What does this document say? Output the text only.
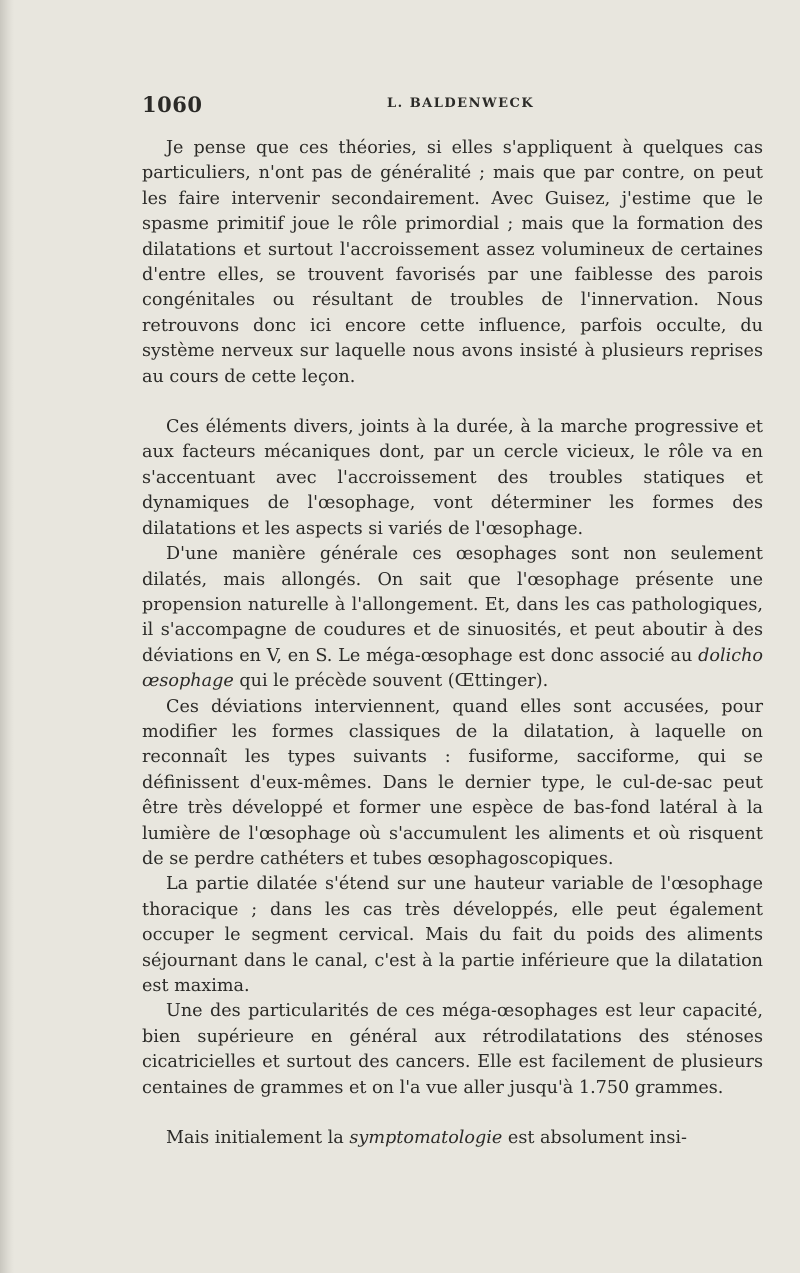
1060	L. BALDENWECK

Je pense que ces théories, si elles s'appliquent à quelques cas particuliers, n'ont pas de généralité ; mais que par contre, on peut les faire intervenir secondairement. Avec Guisez, j'estime que le spasme primitif joue le rôle primordial ; mais que la formation des dilatations et surtout l'accroissement assez volumineux de certaines d'entre elles, se trouvent favorisés par une faiblesse des parois congénitales ou résultant de troubles de l'innervation. Nous retrouvons donc ici encore cette influence, parfois occulte, du système nerveux sur laquelle nous avons insisté à plusieurs reprises au cours de cette leçon.

Ces éléments divers, joints à la durée, à la marche progressive et aux facteurs mécaniques dont, par un cercle vicieux, le rôle va en s'accentuant avec l'accroissement des troubles statiques et dynamiques de l'œsophage, vont déterminer les formes des dilatations et les aspects si variés de l'œsophage.

D'une manière générale ces œsophages sont non seulement dilatés, mais allongés. On sait que l'œsophage présente une propension naturelle à l'allongement. Et, dans les cas pathologiques, il s'accompagne de coudures et de sinuosités, et peut aboutir à des déviations en V, en S. Le méga-œsophage est donc associé au dolicho œsophage qui le précède souvent (Œttinger).

Ces déviations interviennent, quand elles sont accusées, pour modifier les formes classiques de la dilatation, à laquelle on reconnaît les types suivants : fusiforme, sacciforme, qui se définissent d'eux-mêmes. Dans le dernier type, le cul-de-sac peut être très développé et former une espèce de bas-fond latéral à la lumière de l'œsophage où s'accumulent les aliments et où risquent de se perdre cathéters et tubes œsophagoscopiques.

La partie dilatée s'étend sur une hauteur variable de l'œsophage thoracique ; dans les cas très développés, elle peut également occuper le segment cervical. Mais du fait du poids des aliments séjournant dans le canal, c'est à la partie inférieure que la dilatation est maxima.

Une des particularités de ces méga-œsophages est leur capacité, bien supérieure en général aux rétrodilatations des sténoses cicatricielles et surtout des cancers. Elle est facilement de plusieurs centaines de grammes et on l'a vue aller jusqu'à 1.750 grammes.

Mais initialement la symptomatologie est absolument insi-
